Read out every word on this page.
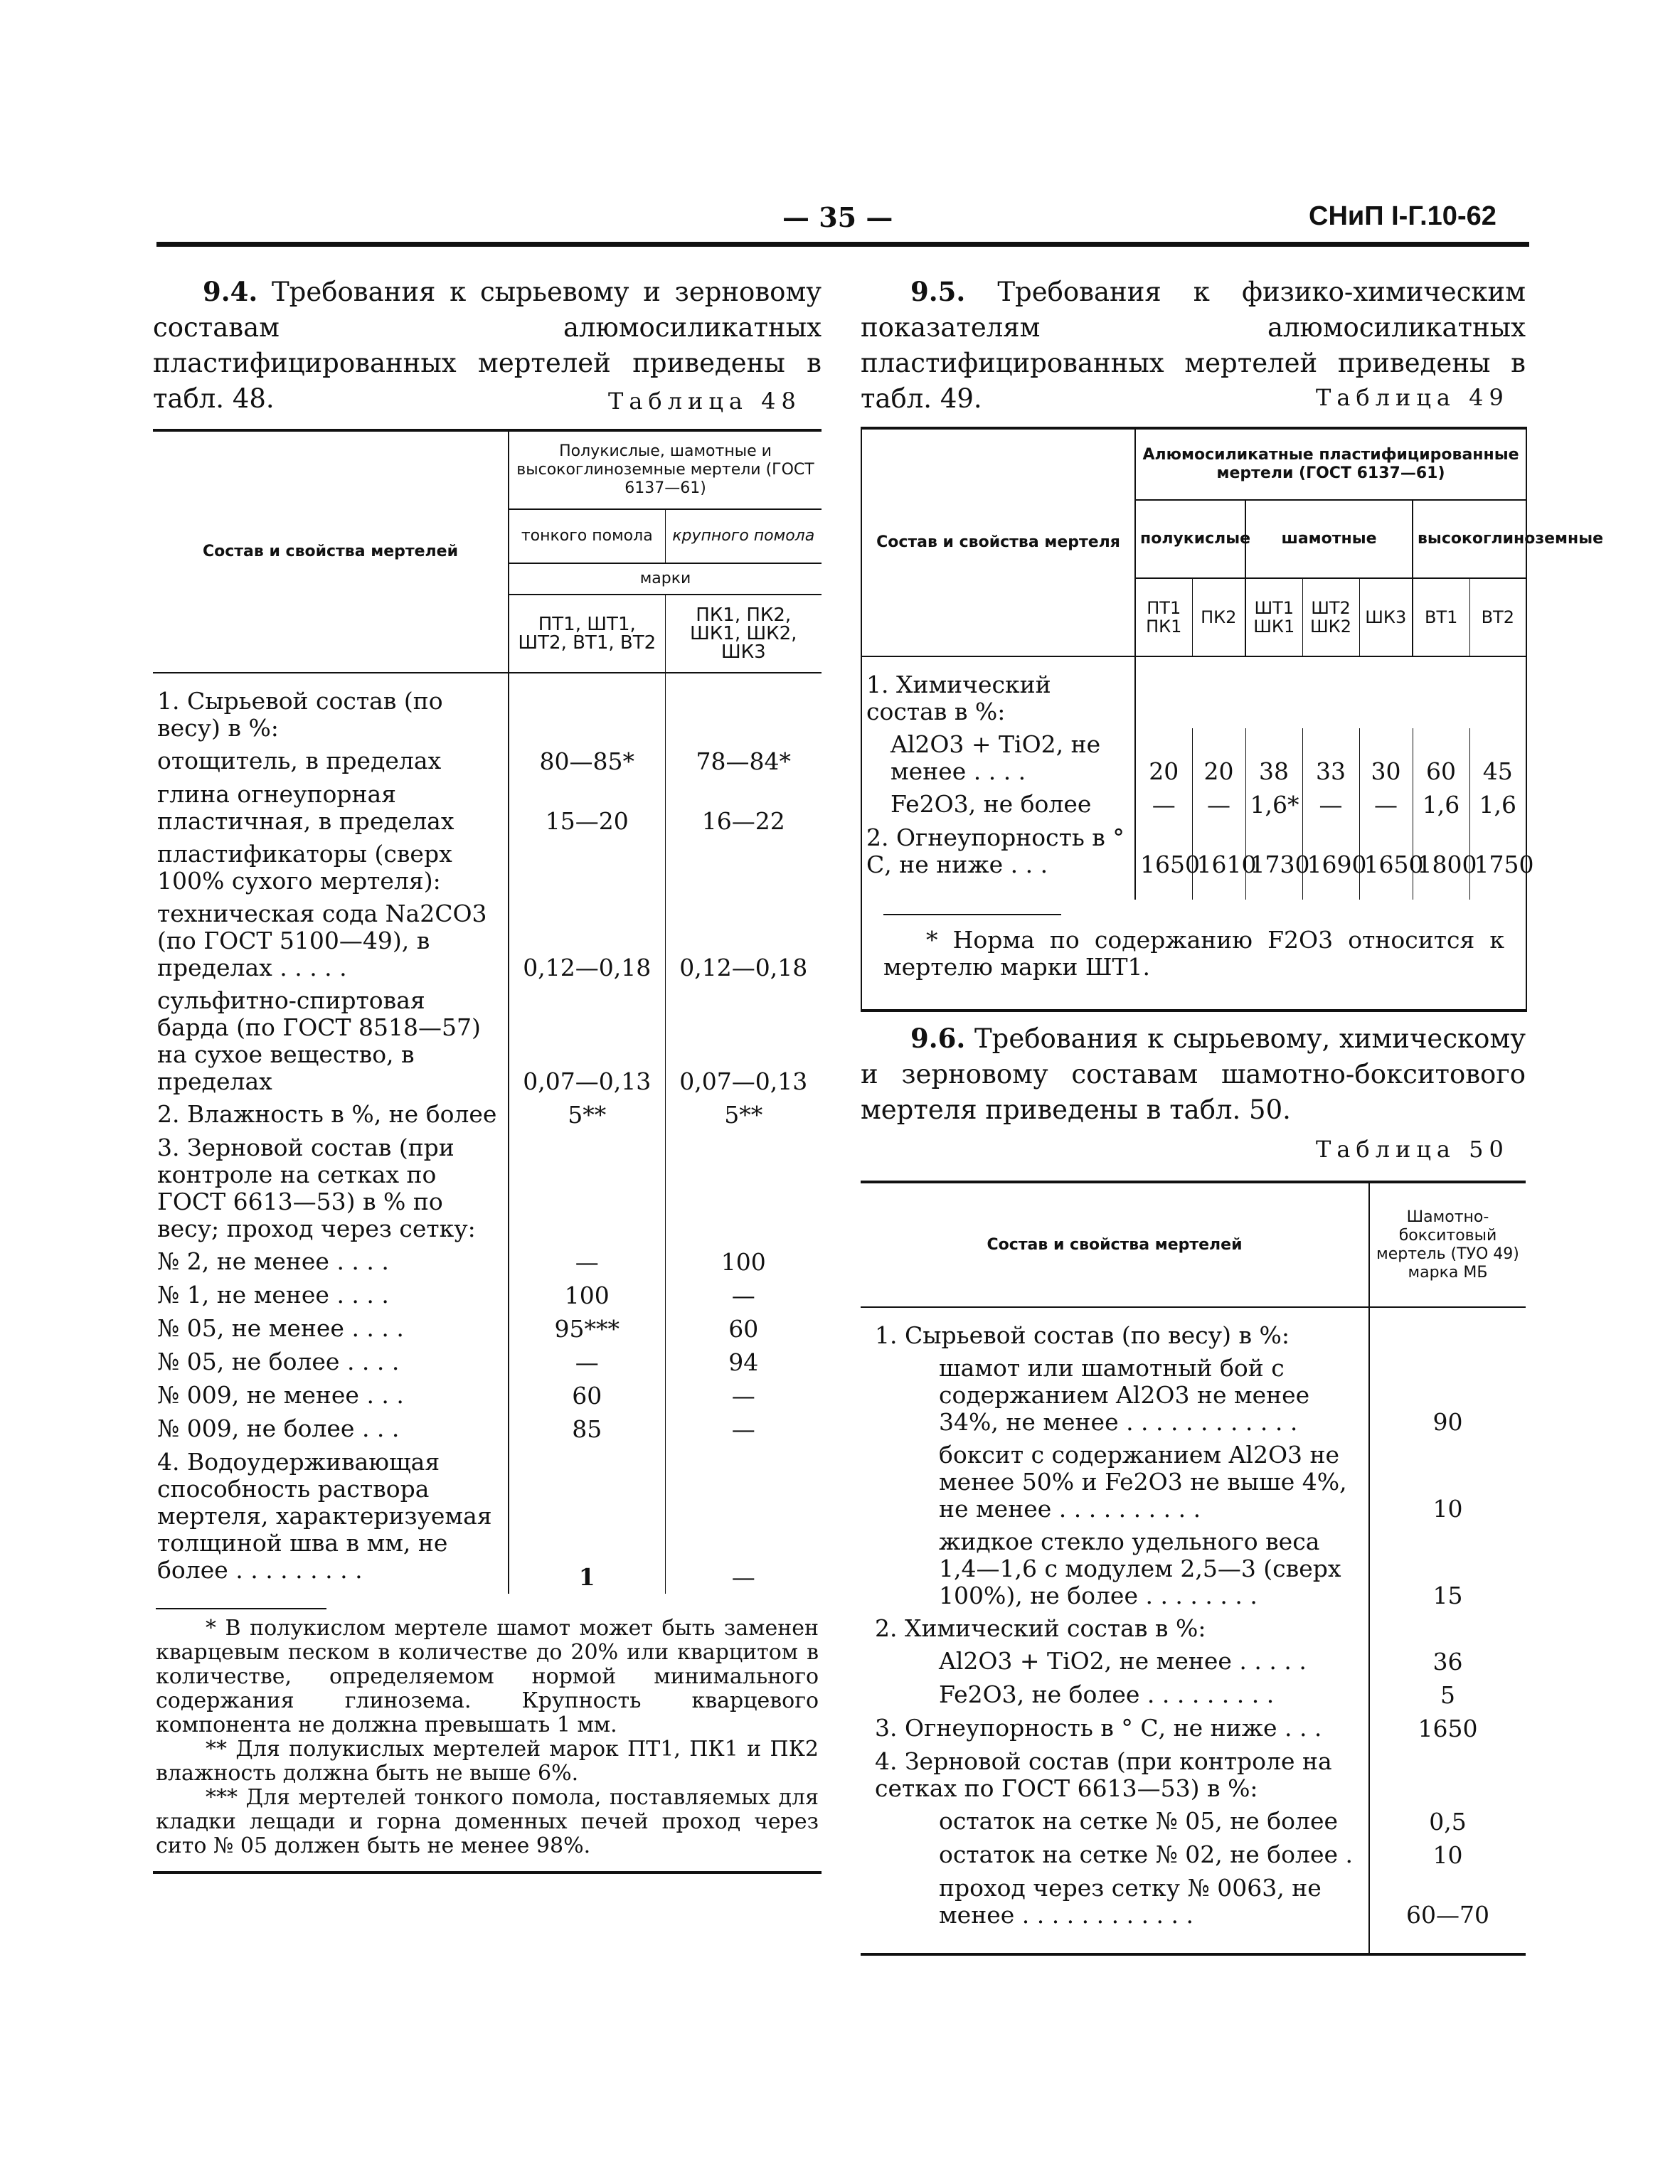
— 35 —	СНиП I-Г.10-62
9.4. Требования к сырьевому и зерновому составам алюмосиликатных пластифицированных мертелей приведены в табл. 48.	Таблица 48
Состав и свойства мертелей	Полукислые, шамотные и высокоглиноземные мертели (ГОСТ 6137—61)	
	тонкого помола	крупного помола
	марки	
	ПТ1, ШТ1, ШТ2, ВТ1, ВТ2	ПК1, ПК2, ШК1, ШК2, ШК3
1. Сырьевой состав (по весу) в %:		
отощитель, в пределах	80—85*	78—84*
глина огнеупорная пластичная, в пределах	15—20	16—22
пластификаторы (сверх 100% сухого мертеля):		
техническая сода Na2CO3 (по ГОСТ 5100—49), в пределах . . . . .	0,12—0,18	0,12—0,18
сульфитно-спиртовая барда (по ГОСТ 8518—57) на сухое вещество, в пределах	0,07—0,13	0,07—0,13
2. Влажность в %, не более	5**	5**
3. Зерновой состав (при контроле на сетках по ГОСТ 6613—53) в % по весу; проход через сетку:		
№ 2, не менее . . . .	—	100
№ 1, не менее . . . .	100	—
№ 05, не менее . . . .	95***	60
№ 05, не более . . . .	—	94
№ 009, не менее . . .	60	—
№ 009, не более . . .	85	—
4. Водоудерживающая способность раствора мертеля, характеризуемая толщиной шва в мм, не более . . . . . . . . .	1	—

* В полукислом мертеле шамот может быть заменен кварцевым песком в количестве до 20% или кварцитом в количестве, определяемом нормой минимального содержания глинозема. Крупность кварцевого компонента не должна превышать 1 мм.
** Для полукислых мертелей марок ПТ1, ПК1 и ПК2 влажность должна быть не выше 6%.
*** Для мертелей тонкого помола, поставляемых для кладки лещади и горна доменных печей проход через сито № 05 должен быть не менее 98%.		
9.5. Требования к физико-химическим показателям алюмосиликатных пластифицированных мертелей приведены в табл. 49.	Таблица 49
Состав и свойства мертеля	Алюмосиликатные пластифицированные мертели (ГОСТ 6137—61)						
	полукислые		шамотные			высокоглиноземные	
	ПТ1 ПК1	ПК2	ШТ1 ШК1	ШТ2 ШК2	ШК3	ВТ1	ВТ2
1. Химический состав в %:							
Al2O3 + TiO2, не менее . . . .	20	20	38	33	30	60	45
Fe2O3, не более	—	—	1,6*	—	—	1,6	1,6
2. Огнеупорность в ° С, не ниже . . .	1650	1610	1730	1690	1650	1800	1750

* Норма по содержанию F2O3 относится к мертелю марки ШТ1.							
9.6. Требования к сырьевому, химическому и зерновому составам шамотно-бокситового мертеля приведены в табл. 50.
Таблица 50
Состав и свойства мертелей	Шамотно-бокситовый мертель (ТУО 49) марка МБ
1. Сырьевой состав (по весу) в %:	
шамот или шамотный бой с содержанием Al2O3 не менее 34%, не менее . . . . . . . . . . . .	90
боксит с содержанием Al2O3 не менее 50% и Fe2O3 не выше 4%, не менее . . . . . . . . . .	10
жидкое стекло удельного веса 1,4—1,6 с модулем 2,5—3 (сверх 100%), не более . . . . . . . .	15
2. Химический состав в %:	
Al2O3 + TiO2, не менее . . . . .	36
Fe2O3, не более . . . . . . . . .	5
3. Огнеупорность в ° С, не ниже . . .	1650
4. Зерновой состав (при контроле на сетках по ГОСТ 6613—53) в %:	
остаток на сетке № 05, не более	0,5
остаток на сетке № 02, не более .	10
проход через сетку № 0063, не менее . . . . . . . . . . . .	60—70
